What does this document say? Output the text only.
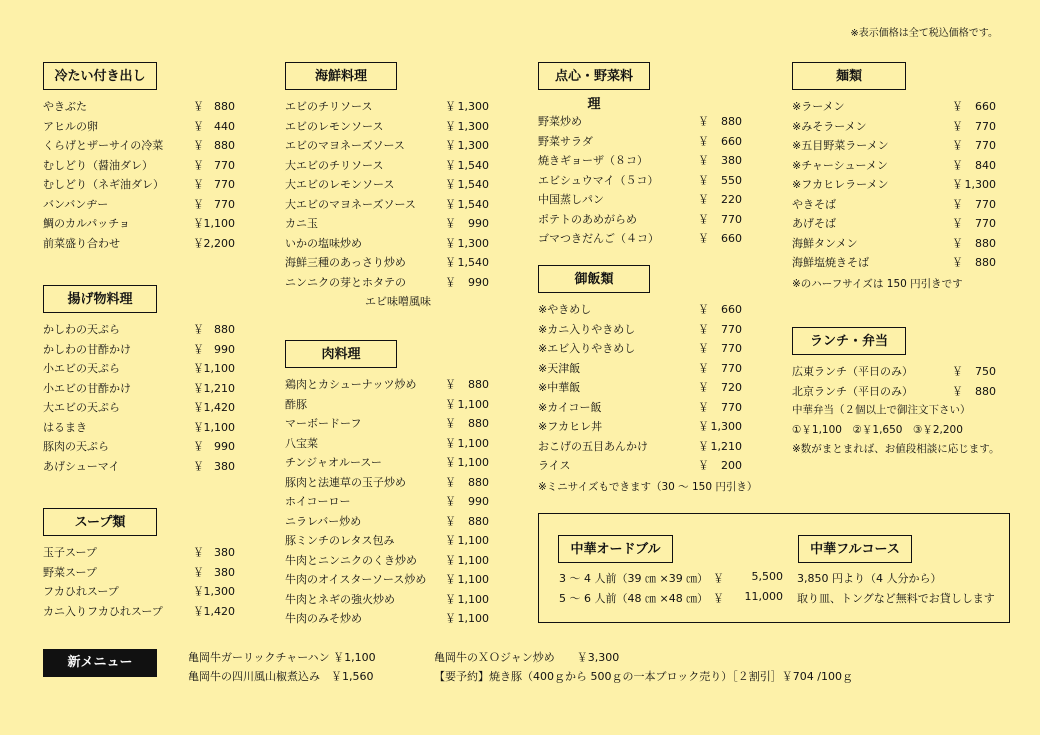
※表示価格は全て税込価格です。
冷たい付き出し
やきぶた	￥ 880
アヒルの卵	￥ 440
くらげとザーサイの冷菜	￥ 880
むしどり（醤油ダレ）	￥ 770
むしどり（ネギ油ダレ）	￥ 770
バンバンヂー	￥ 770
鯛のカルパッチョ	￥ 1,100
前菜盛り合わせ	￥ 2,200
揚げ物料理
かしわの天ぷら	￥ 880
かしわの甘酢かけ	￥ 990
小エビの天ぷら	￥ 1,100
小エビの甘酢かけ	￥ 1,210
大エビの天ぷら	￥ 1,420
はるまき	￥ 1,100
豚肉の天ぷら	￥ 990
あげシューマイ	￥ 380
スープ類
玉子スープ	￥ 380
野菜スープ	￥ 380
フカひれスープ	￥ 1,300
カニ入りフカひれスープ	￥ 1,420
海鮮料理
エビのチリソース	￥ 1,300
エビのレモンソース	￥ 1,300
エビのマヨネーズソース	￥ 1,300
大エビのチリソース	￥ 1,540
大エビのレモンソース	￥ 1,540
大エビのマヨネーズソース	￥ 1,540
カニ玉	￥	990
いかの塩味炒め	￥ 1,300
海鮮三種のあっさり炒め	￥ 1,540
ニンニクの芽とホタテの	￥	990
エビ味噌風味
肉料理
鶏肉とカシューナッツ炒め	￥	880
酢豚	￥ 1,100
マーボードーフ	￥	880
八宝菜	￥ 1,100
チンジャオルースー	￥ 1,100
豚肉と法連草の玉子炒め	￥	880
ホイコーロー	￥	990
ニラレバー炒め	￥	880
豚ミンチのレタス包み	￥ 1,100
牛肉とニンニクのくき炒め	￥ 1,100
牛肉のオイスターソース炒め ￥ 1,100
牛肉とネギの強火炒め	￥ 1,100
牛肉のみそ炒め	￥ 1,100
点心・野菜料理
野菜炒め	￥	880
野菜サラダ	￥	660
焼きギョーザ（８コ）	￥	380
エビシュウマイ（５コ）	￥	550
中国蒸しパン	￥	220
ポテトのあめがらめ	￥	770
ゴマつきだんご（４コ）	￥	660
御飯類
※やきめし	￥	660
※カニ入りやきめし	￥	770
※エビ入りやきめし	￥	770
※天津飯	￥	770
※中華飯	￥	720
※カイコー飯	￥	770
※フカヒレ丼	￥ 1,300
おこげの五目あんかけ	￥ 1,210
ライス	￥	200
※ミニサイズもできます（30 ～ 150 円引き）
麺類
※ラーメン	￥	660
※みそラーメン	￥	770
※五目野菜ラーメン	￥	770
※チャーシューメン	￥	840
※フカヒレラーメン	￥ 1,300
やきそば	￥	770
あげそば	￥	770
海鮮タンメン	￥	880
海鮮塩焼きそば	￥	880
※のハーフサイズは 150 円引きです
ランチ・弁当
広東ランチ（平日のみ）	￥	750
北京ランチ（平日のみ）	￥	880
中華弁当（２個以上で御注文下さい）
①￥1,100　②￥1,650　③￥2,200
※数がまとまれば、お値段相談に応じます。
中華オードブル
3 ～ 4 人前（39 ㎝ ×39 ㎝） ￥	5,500
5 ～ 6 人前（48 ㎝ ×48 ㎝） ￥	11,000
中華フルコース
3,850 円より（4 人分から）
取り皿、トングなど無料でお貸しします
新メニュー	亀岡牛ガーリックチャーハン ￥1,100
亀岡牛の四川風山椒煮込み　￥1,560
亀岡牛のＸＯジャン炒め　　￥3,300
【要予約】焼き豚（400ｇから 500ｇの一本ブロック売り）［２割引］￥704 /100ｇ
